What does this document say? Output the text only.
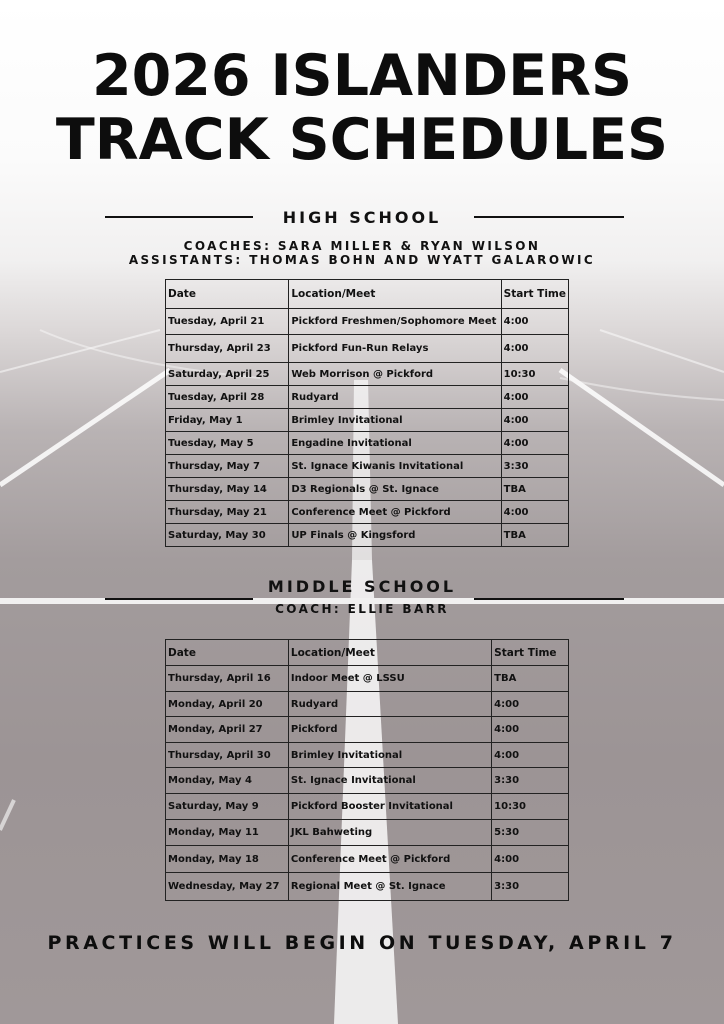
2026 ISLANDERS
TRACK SCHEDULES
HIGH SCHOOL
COACHES: SARA MILLER & RYAN WILSON
ASSISTANTS: THOMAS BOHN AND WYATT GALAROWIC
Date	Location/Meet	Start Time
Tuesday, April 21	Pickford Freshmen/Sophomore Meet	4:00
Thursday, April 23	Pickford Fun-Run Relays	4:00
Saturday, April 25	Web Morrison @ Pickford	10:30
Tuesday, April 28	Rudyard	4:00
Friday, May 1	Brimley Invitational	4:00
Tuesday, May 5	Engadine Invitational	4:00
Thursday, May 7	St. Ignace Kiwanis Invitational	3:30
Thursday, May 14	D3 Regionals @ St. Ignace	TBA
Thursday, May 21	Conference Meet @ Pickford	4:00
Saturday, May 30	UP Finals @ Kingsford	TBA
MIDDLE SCHOOL
COACH: ELLIE BARR
Date	Location/Meet	Start Time
Thursday, April 16	Indoor Meet @ LSSU	TBA
Monday, April 20	Rudyard	4:00
Monday, April 27	Pickford	4:00
Thursday, April 30	Brimley Invitational	4:00
Monday, May 4	St. Ignace Invitational	3:30
Saturday, May 9	Pickford Booster Invitational	10:30
Monday, May 11	JKL Bahweting	5:30
Monday, May 18	Conference Meet @ Pickford	4:00
Wednesday, May 27	Regional Meet @ St. Ignace	3:30
PRACTICES WILL BEGIN ON TUESDAY, APRIL 7
